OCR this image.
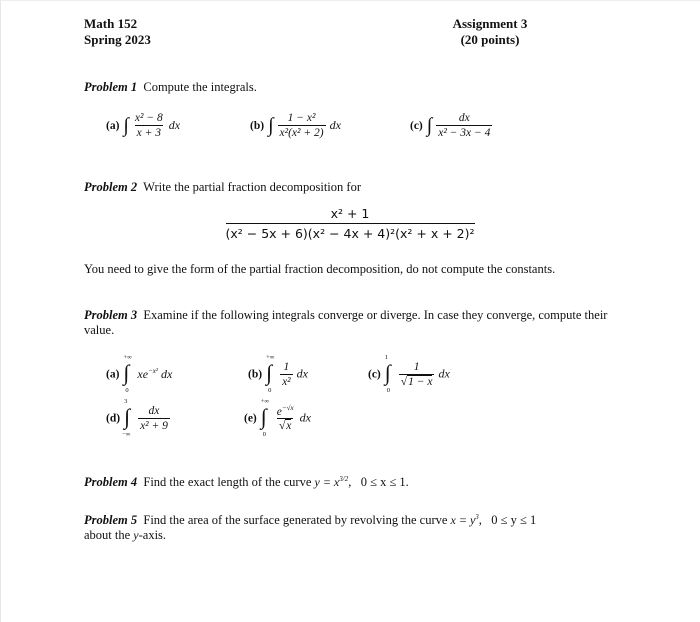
Math 152
Spring 2023
Assignment 3
(20 points)
Problem 1 Compute the integrals.
(a) ∫ $\frac{\text{x² − 8}}{x + 3}$ dx	(b) ∫ $\frac{\text{1 − x²}}{\text{x²(x² + 2)}}$ dx	(c) ∫ $\frac{dx}{\text{x² − 3x − 4}}$
Problem 2 Write the partial fraction decomposition for
x² + 1
(x² − 5x + 6)(x² − 4x + 4)²(x² + x + 2)²
You need to give the form of the partial fraction decomposition, do not compute the constants.
Problem 3 Examine if the following integrals converge or diverge. In case they converge, compute their value.
(a)
+∞
∫
0
$xe^{-x^2}$ dx	(b)
+∞
∫
0

$\frac{1}{\text{x²}}$ dx	(c)
1
∫
0

$\frac{1}{√1 - x}$ dx
(d)
3
∫
−∞

$\frac{dx}{\text{x² + 9}}$	(e)
+∞
∫
0

$\frac{e^{-√x}}{√x}$ dx
Problem 4 Find the exact length of the curve $y = x^{3/2}$,   0 ≤ x ≤ 1.
Problem 5 Find the area of the surface generated by revolving the curve $x = y^3$,   0 ≤ y ≤ 1
about the y-axis.
